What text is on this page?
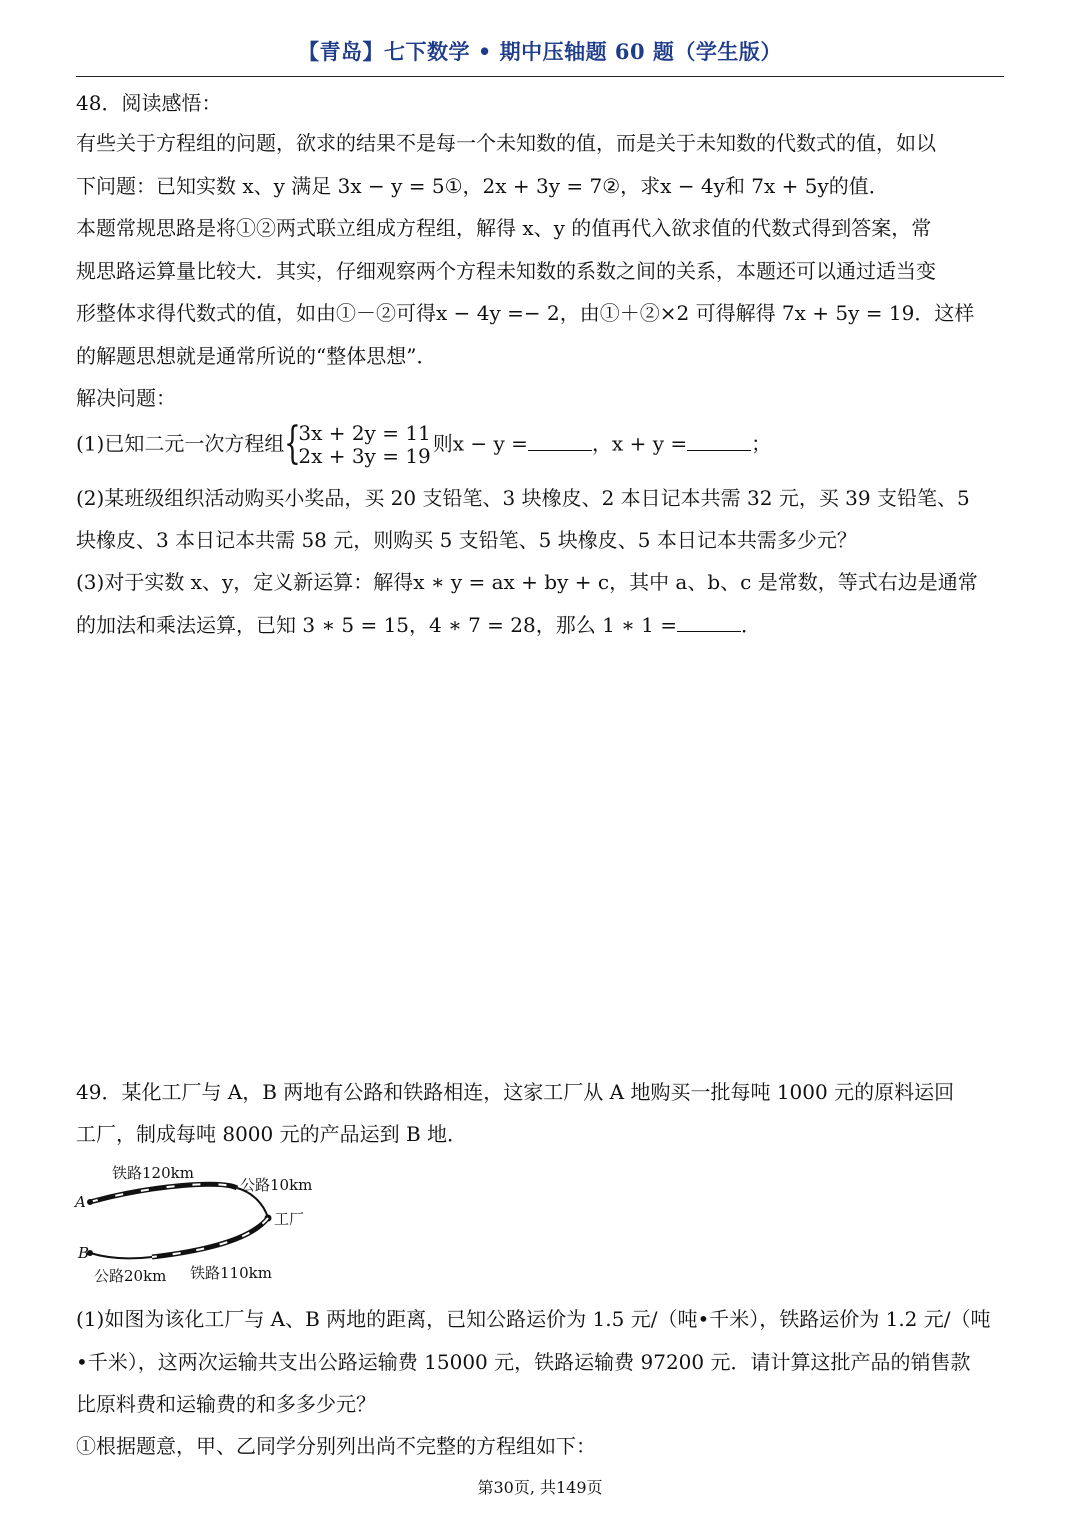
【青岛】七下数学 • 期中压轴题 60 题（学生版）
48．阅读感悟：
有些关于方程组的问题，欲求的结果不是每一个未知数的值，而是关于未知数的代数式的值，如以
下问题：已知实数 x、y 满足 3x − y = 5①，2x + 3y = 7②，求x − 4y和 7x + 5y的值．
本题常规思路是将①②两式联立组成方程组，解得 x、y 的值再代入欲求值的代数式得到答案，常
规思路运算量比较大．其实，仔细观察两个方程未知数的系数之间的关系，本题还可以通过适当变
形整体求得代数式的值，如由①－②可得x − 4y =− 2，由①＋②×2 可得解得 7x + 5y = 19．这样
的解题思想就是通常所说的“整体思想”．
解决问题：
(1)已知二元一次方程组 {
3x + 2y = 11
2x + 3y = 19
则x − y =	，x + y =	；
(2)某班级组织活动购买小奖品，买 20 支铅笔、3 块橡皮、2 本日记本共需 32 元，买 39 支铅笔、5
块橡皮、3 本日记本共需 58 元，则购买 5 支铅笔、5 块橡皮、5 本日记本共需多少元？
(3)对于实数 x、y，定义新运算：解得x ∗ y = ax + by + c，其中 a、b、c 是常数，等式右边是通常
的加法和乘法运算，已知 3 ∗ 5 = 15，4 ∗ 7 = 28，那么 1 ∗ 1 =	．
49．某化工厂与 A，B 两地有公路和铁路相连，这家工厂从 A 地购买一批每吨 1000 元的原料运回
工厂，制成每吨 8000 元的产品运到 B 地．
铁路120km
公路10km
工厂
A
B
公路20km 铁路110km
(1)如图为该化工厂与 A、B 两地的距离，已知公路运价为 1.5 元/（吨•千米），铁路运价为 1.2 元/（吨
•千米），这两次运输共支出公路运输费 15000 元，铁路运输费 97200 元．请计算这批产品的销售款
比原料费和运输费的和多多少元？
①根据题意，甲、乙同学分别列出尚不完整的方程组如下：
第30页, 共149页
